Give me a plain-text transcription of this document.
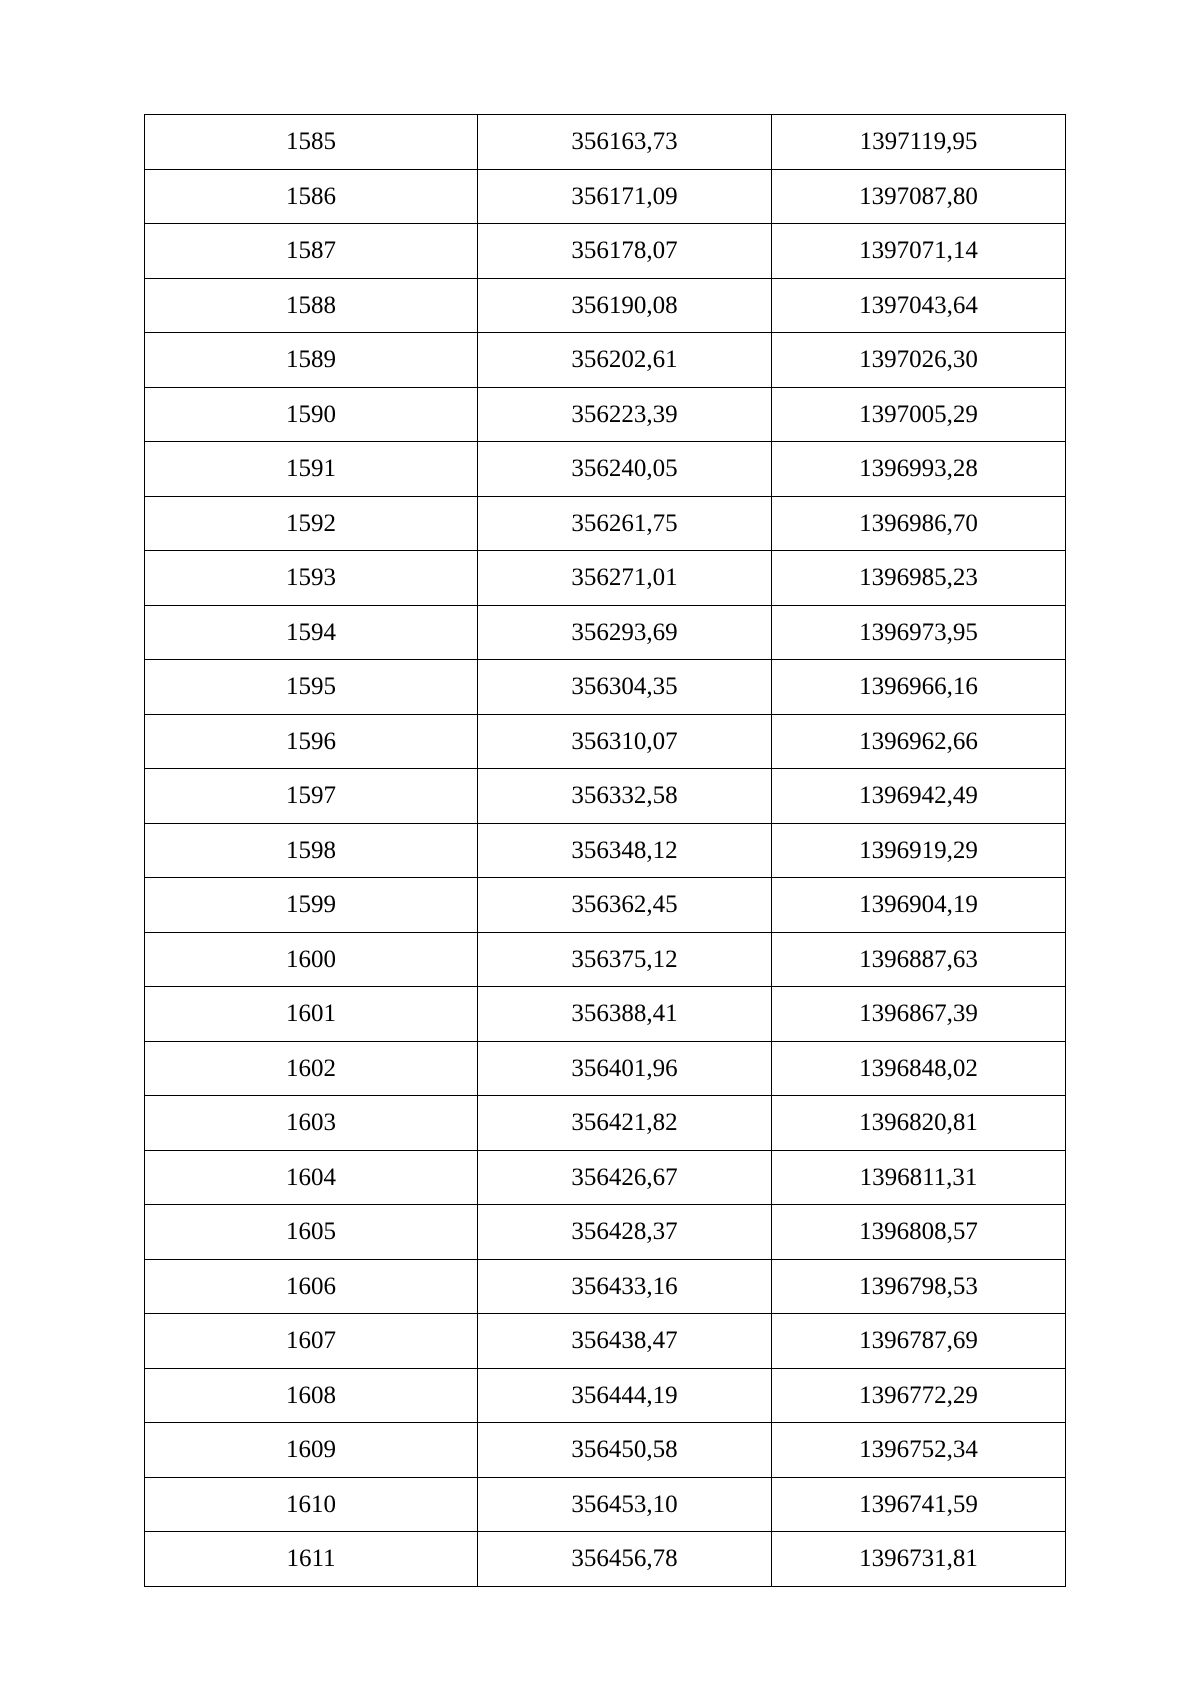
1585	356163,73	1397119,95
1586	356171,09	1397087,80
1587	356178,07	1397071,14
1588	356190,08	1397043,64
1589	356202,61	1397026,30
1590	356223,39	1397005,29
1591	356240,05	1396993,28
1592	356261,75	1396986,70
1593	356271,01	1396985,23
1594	356293,69	1396973,95
1595	356304,35	1396966,16
1596	356310,07	1396962,66
1597	356332,58	1396942,49
1598	356348,12	1396919,29
1599	356362,45	1396904,19
1600	356375,12	1396887,63
1601	356388,41	1396867,39
1602	356401,96	1396848,02
1603	356421,82	1396820,81
1604	356426,67	1396811,31
1605	356428,37	1396808,57
1606	356433,16	1396798,53
1607	356438,47	1396787,69
1608	356444,19	1396772,29
1609	356450,58	1396752,34
1610	356453,10	1396741,59
1611	356456,78	1396731,81
